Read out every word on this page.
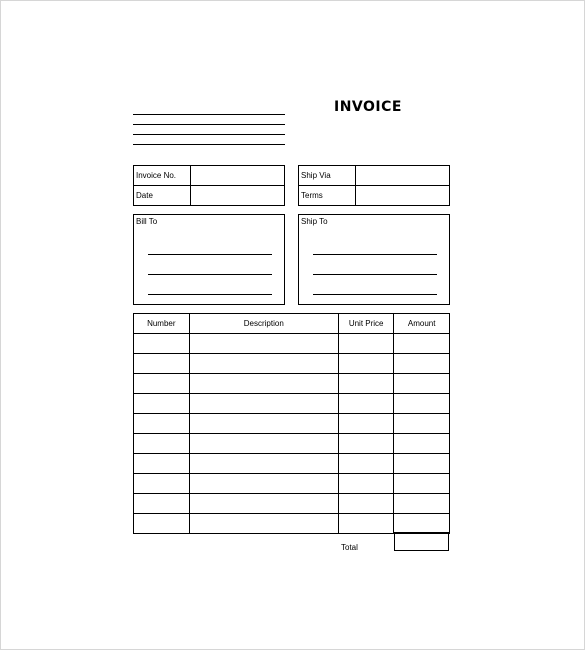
INVOICE
Invoice No.	
Date	
Ship Via	
Terms	
Bill To	Ship To
Number	Description	Unit Price	Amount

Total
